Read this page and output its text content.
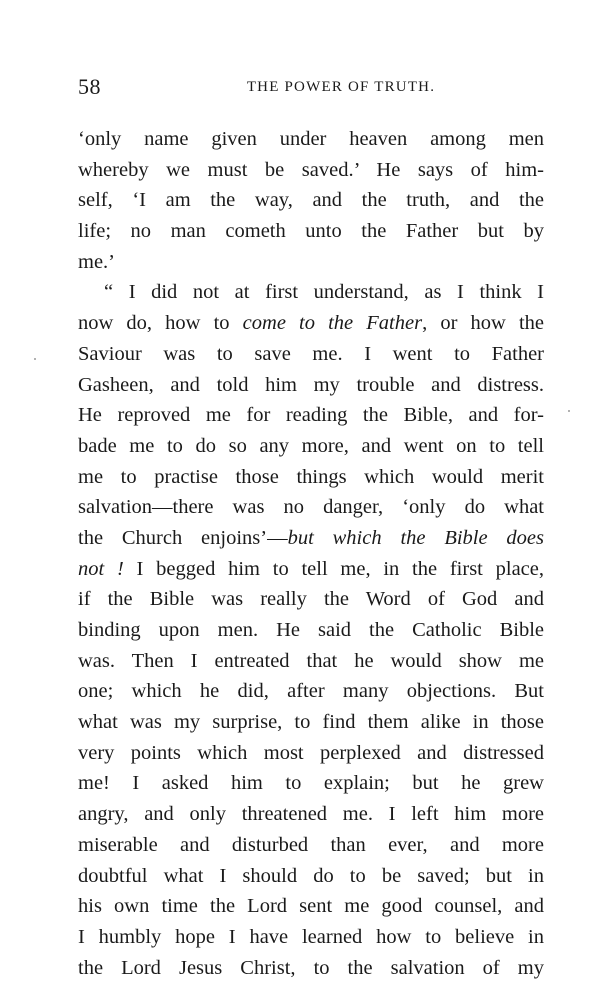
58	THE POWER OF TRUTH.
‘only name given under heaven among men
whereby we must be saved.’ He says of him-
self, ‘I am the way, and the truth, and the
life; no man cometh unto the Father but by
me.’
“ I did not at first understand, as I think I
now do, how to come to the Father, or how the
Saviour was to save me. I went to Father
Gasheen, and told him my trouble and distress.
He reproved me for reading the Bible, and for-
bade me to do so any more, and went on to tell
me to practise those things which would merit
salvation—there was no danger, ‘only do what
the Church enjoins’—but which the Bible does
not ! I begged him to tell me, in the first place,
if the Bible was really the Word of God and
binding upon men. He said the Catholic Bible
was. Then I entreated that he would show me
one; which he did, after many objections. But
what was my surprise, to find them alike in those
very points which most perplexed and distressed
me! I asked him to explain; but he grew
angry, and only threatened me. I left him more
miserable and disturbed than ever, and more
doubtful what I should do to be saved; but in
his own time the Lord sent me good counsel, and
I humbly hope I have learned how to believe in
the Lord Jesus Christ, to the salvation of my
